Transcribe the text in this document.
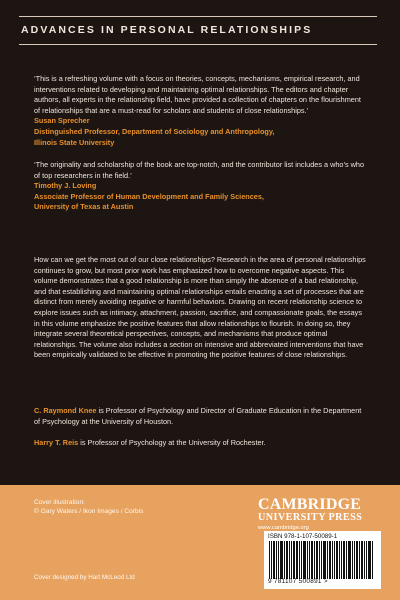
ADVANCES IN PERSONAL RELATIONSHIPS

‘This is a refreshing volume with a focus on theories, concepts, mechanisms, empirical research, and interventions related to developing and maintaining optimal relationships. The editors and chapter authors, all experts in the relationship field, have provided a collection of chapters on the flourishment of relationships that are a must-read for scholars and students of close relationships.’

Susan Sprecher
Distinguished Professor, Department of Sociology and Anthropology,
Illinois State University

‘The originality and scholarship of the book are top-notch, and the contributor list includes a who’s who of top researchers in the field.’

Timothy J. Loving
Associate Professor of Human Development and Family Sciences,
University of Texas at Austin
How can we get the most out of our close relationships? Research in the area of personal relationships continues to grow, but most prior work has emphasized how to overcome negative aspects. This volume demonstrates that a good relationship is more than simply the absence of a bad relationship, and that establishing and maintaining optimal relationships entails enacting a set of processes that are distinct from merely avoiding negative or harmful behaviors. Drawing on recent relationship science to explore issues such as intimacy, attachment, passion, sacrifice, and compassionate goals, the essays in this volume emphasize the positive features that allow relationships to flourish. In doing so, they integrate several theoretical perspectives, concepts, and mechanisms that produce optimal relationships. The volume also includes a section on intensive and abbreviated interventions that have been empirically validated to be effective in promoting the positive features of close relationships.
C. Raymond Knee is Professor of Psychology and Director of Graduate Education in the Department of Psychology at the University of Houston.
Harry T. Reis is Professor of Psychology at the University of Rochester.
Cover illustration:
© Gary Waters / Ikon Images / Corbis
Cover designed by Hart McLeod Ltd
CAMBRIDGE
UNIVERSITY PRESS
www.cambridge.org
ISBN 978-1-107-50089-1
9 781107 500891 >
